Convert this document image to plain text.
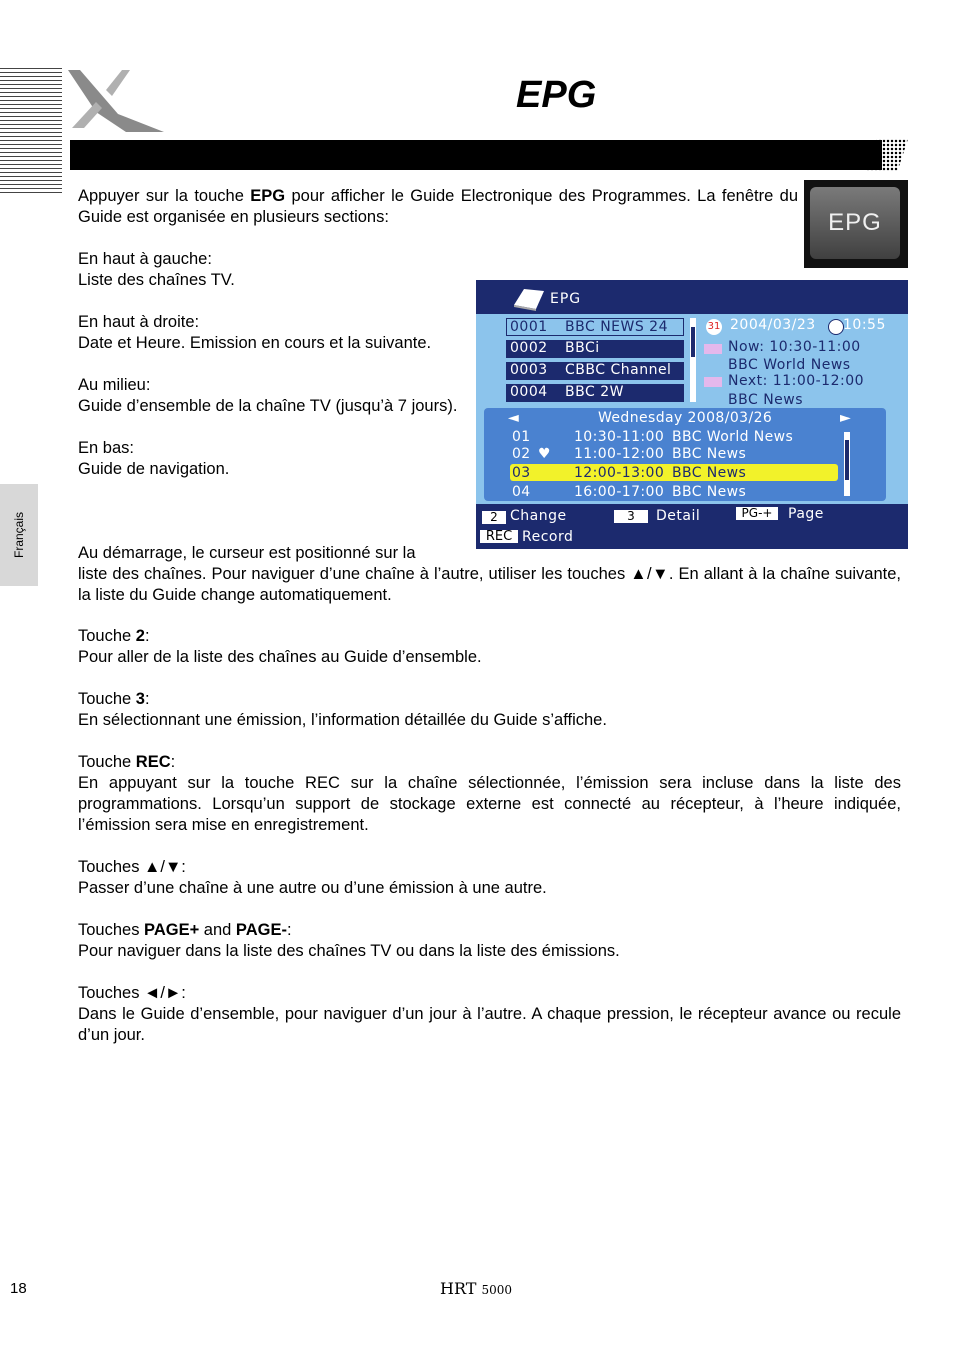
EPG
Français
EPG

Appuyer sur la touche EPG pour afficher le Guide Electronique des Programmes. La fenêtre du Guide est organisée en plusieurs sections:

En haut à gauche:

Liste des chaînes TV.

En haut à droite:

Date et Heure. Emission en cours et la suivante.

Au milieu:

Guide d’ensemble de la chaîne TV (jusqu’à 7 jours).

En bas:

Guide de navigation.

Au démarrage, le curseur est positionné sur la

liste des chaînes. Pour naviguer d’une chaîne à l’autre, utiliser les touches ▲/▼. En allant à la chaîne suivante, la liste du Guide change automatiquement.

Touche 2:

Pour aller de la liste des chaînes au Guide d’ensemble.

Touche 3:

En sélectionnant une émission, l’information détaillée du Guide s’affiche.

Touche REC:

En appuyant sur la touche REC sur la chaîne sélectionnée, l’émission sera incluse dans la liste des programmations. Lorsqu’un support de stockage externe est connecté au récepteur, à l’heure indiquée, l’émission sera mise en enregistrement.

Touches ▲/▼:

Passer d’une chaîne à une autre ou d’une émission à une autre.

Touches PAGE+ and PAGE-:

Pour naviguer dans la liste des chaînes TV ou dans la liste des émissions.

Touches ◄/►:

Dans le Guide d’ensemble, pour naviguer d’un jour à l’autre. A chaque pression, le récepteur avance ou recule d’un jour.

EPG
0001 BBC NEWS 24
0002 BBCi
0003 CBBC Channel
0004 BBC 2W
31 2004/03/23 10:55
Now: 10:30-11:00
BBC World News
Next: 11:00-12:00
BBC News
◄	Wednesday 2008/03/26	►
01	10:30-11:00 BBC World News
02 ♥ 11:00-12:00 BBC News
03	12:00-13:00 BBC News
04	16:00-17:00 BBC News
2 Change	3	Detail	PG-+	Page
REC Record
18	HRT 5000
